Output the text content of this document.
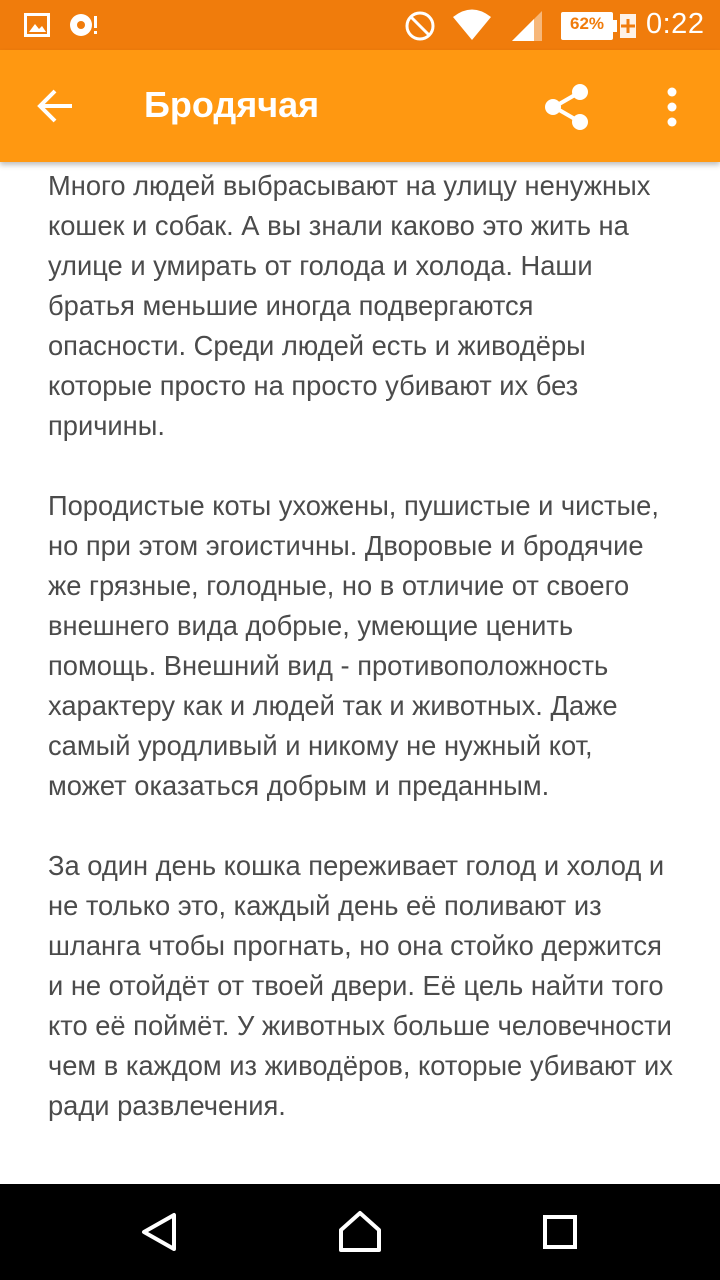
62% 0:22
Бродячая

Много людей выбрасывают на улицу ненужных кошек и собак. А вы знали каково это жить на улице и умирать от голода и холода. Наши братья меньшие иногда подвергаются опасности. Среди людей есть и живодёры которые просто на просто убивают их без причины.

Породистые коты ухожены, пушистые и чистые, но при этом эгоистичны. Дворовые и бродячие же грязные, голодные, но в отличие от своего внешнего вида добрые, умеющие ценить помощь. Внешний вид - противоположность характеру как и людей так и животных. Даже самый уродливый и никому не нужный кот, может оказаться добрым и преданным.

За один день кошка переживает голод и холод и не только это, каждый день её поливают из шланга чтобы прогнать, но она стойко держится и не отойдёт от твоей двери. Её цель найти того кто её поймёт. У животных больше человечности чем в каждом из живодёров, которые убивают их ради развлечения.
